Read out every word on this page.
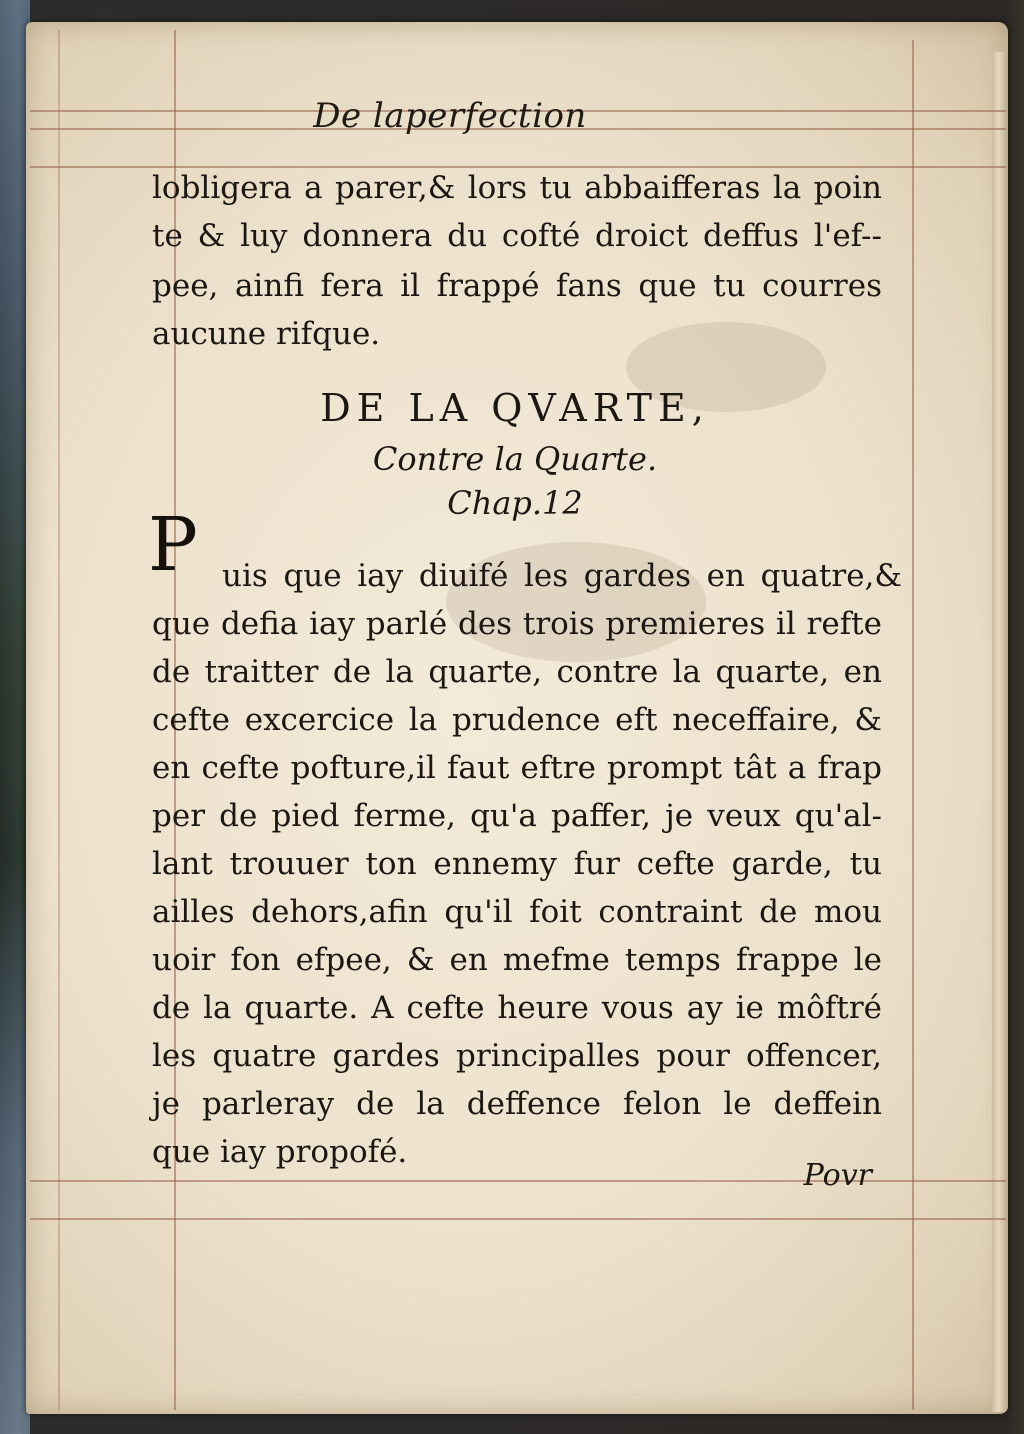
De laperfection
lobligera a parer,& lors tu abbaifferas la poin
te & luy donnera du cofté droict deffus l'ef--
pee, ainfi fera il frappé fans que tu courres
aucune rifque.
DE LA QVARTE,
Contre la Quarte.
Chap.12
P uis que iay diuifé les gardes en quatre,&
que defia iay parlé des trois premieres il refte
de traitter de la quarte, contre la quarte, en
cefte excercice la prudence eft neceffaire, &
en cefte pofture,il faut eftre prompt tât a frap
per de pied ferme, qu'a paffer, je veux qu'al-
lant trouuer ton ennemy fur cefte garde, tu
ailles dehors,afin qu'il foit contraint de mou
uoir fon efpee, & en mefme temps frappe le
de la quarte. A cefte heure vous ay ie môftré
les quatre gardes principalles pour offencer,
je parleray de la deffence felon le deffein
que iay propofé.
Povr
